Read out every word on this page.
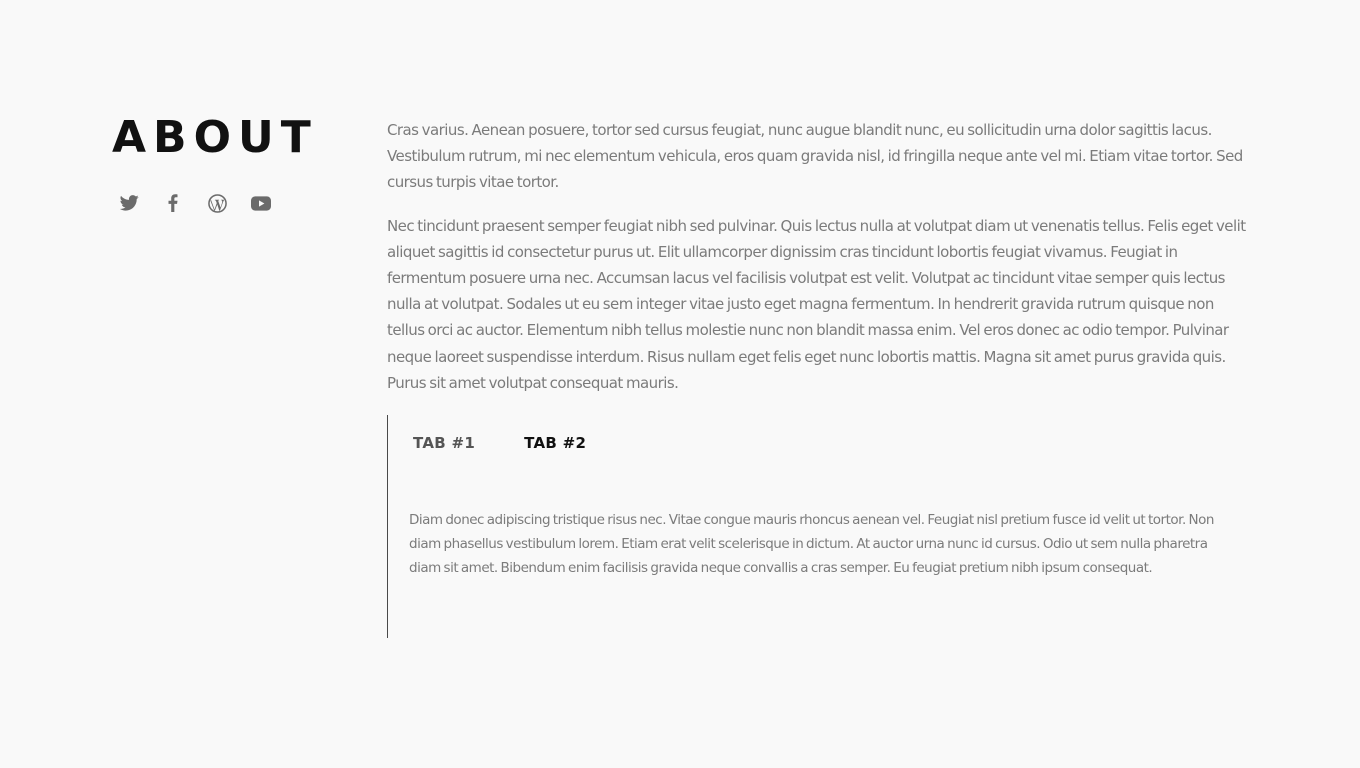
ABOUT	Cras varius. Aenean posuere, tortor sed cursus feugiat, nunc augue blandit nunc, eu sollicitudin urna dolor sagittis lacus. Vestibulum rutrum, mi nec elementum vehicula, eros quam gravida nisl, id fringilla neque ante vel mi. Etiam vitae tortor. Sed cursus turpis vitae tortor.

Nec tincidunt praesent semper feugiat nibh sed pulvinar. Quis lectus nulla at volutpat diam ut venenatis tellus. Felis eget velit aliquet sagittis id consectetur purus ut. Elit ullamcorper dignissim cras tincidunt lobortis feugiat vivamus. Feugiat in fermentum posuere urna nec. Accumsan lacus vel facilisis volutpat est velit. Volutpat ac tincidunt vitae semper quis lectus nulla at volutpat. Sodales ut eu sem integer vitae justo eget magna fermentum. In hendrerit gravida rutrum quisque non tellus orci ac auctor. Elementum nibh tellus molestie nunc non blandit massa enim. Vel eros donec ac odio tempor. Pulvinar neque laoreet suspendisse interdum. Risus nullam eget felis eget nunc lobortis mattis. Magna sit amet purus gravida quis. Purus sit amet volutpat consequat mauris.

TAB #1	TAB #2

Diam donec adipiscing tristique risus nec. Vitae congue mauris rhoncus aenean vel. Feugiat nisl pretium fusce id velit ut tortor. Non diam phasellus vestibulum lorem. Etiam erat velit scelerisque in dictum. At auctor urna nunc id cursus. Odio ut sem nulla pharetra diam sit amet. Bibendum enim facilisis gravida neque convallis a cras semper. Eu feugiat pretium nibh ipsum consequat.
